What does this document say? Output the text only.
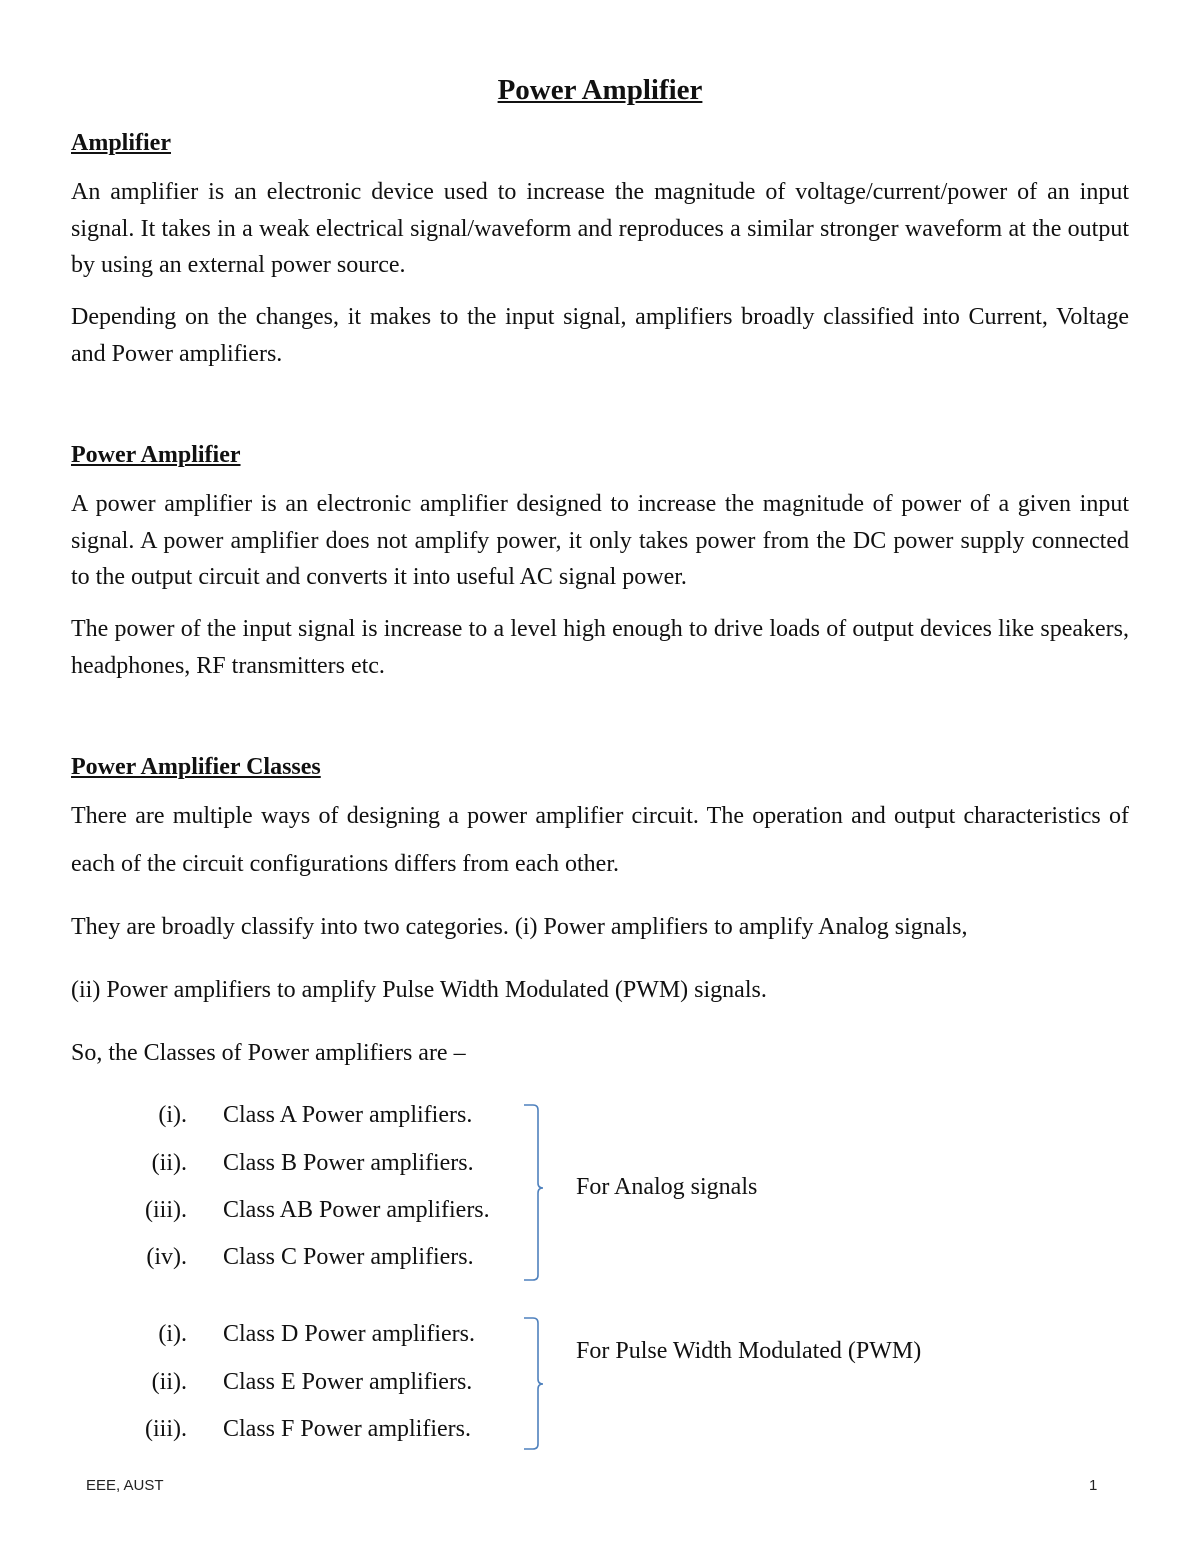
Power Amplifier
Amplifier

An amplifier is an electronic device used to increase the magnitude of voltage/current/power of an input signal. It takes in a weak electrical signal/waveform and reproduces a similar stronger waveform at the output by using an external power source.

Depending on the changes, it makes to the input signal, amplifiers broadly classified into Current, Voltage and Power amplifiers.

Power Amplifier

A power amplifier is an electronic amplifier designed to increase the magnitude of power of a given input signal. A power amplifier does not amplify power, it only takes power from the DC power supply connected to the output circuit and converts it into useful AC signal power.

The power of the input signal is increase to a level high enough to drive loads of output devices like speakers, headphones, RF transmitters etc.

Power Amplifier Classes

There are multiple ways of designing a power amplifier circuit. The operation and output characteristics of each of the circuit configurations differs from each other.

They are broadly classify into two categories. (i) Power amplifiers to amplify Analog signals,
(ii) Power amplifiers to amplify Pulse Width Modulated (PWM) signals.
So, the Classes of Power amplifiers are –
(i). Class A Power amplifiers.
(ii). Class B Power amplifiers.
(iii). Class AB Power amplifiers.
(iv). Class C Power amplifiers.
For Analog signals
(i). Class D Power amplifiers.
(ii). Class E Power amplifiers.
(iii). Class F Power amplifiers.
For Pulse Width Modulated (PWM)
EEE, AUST	1
